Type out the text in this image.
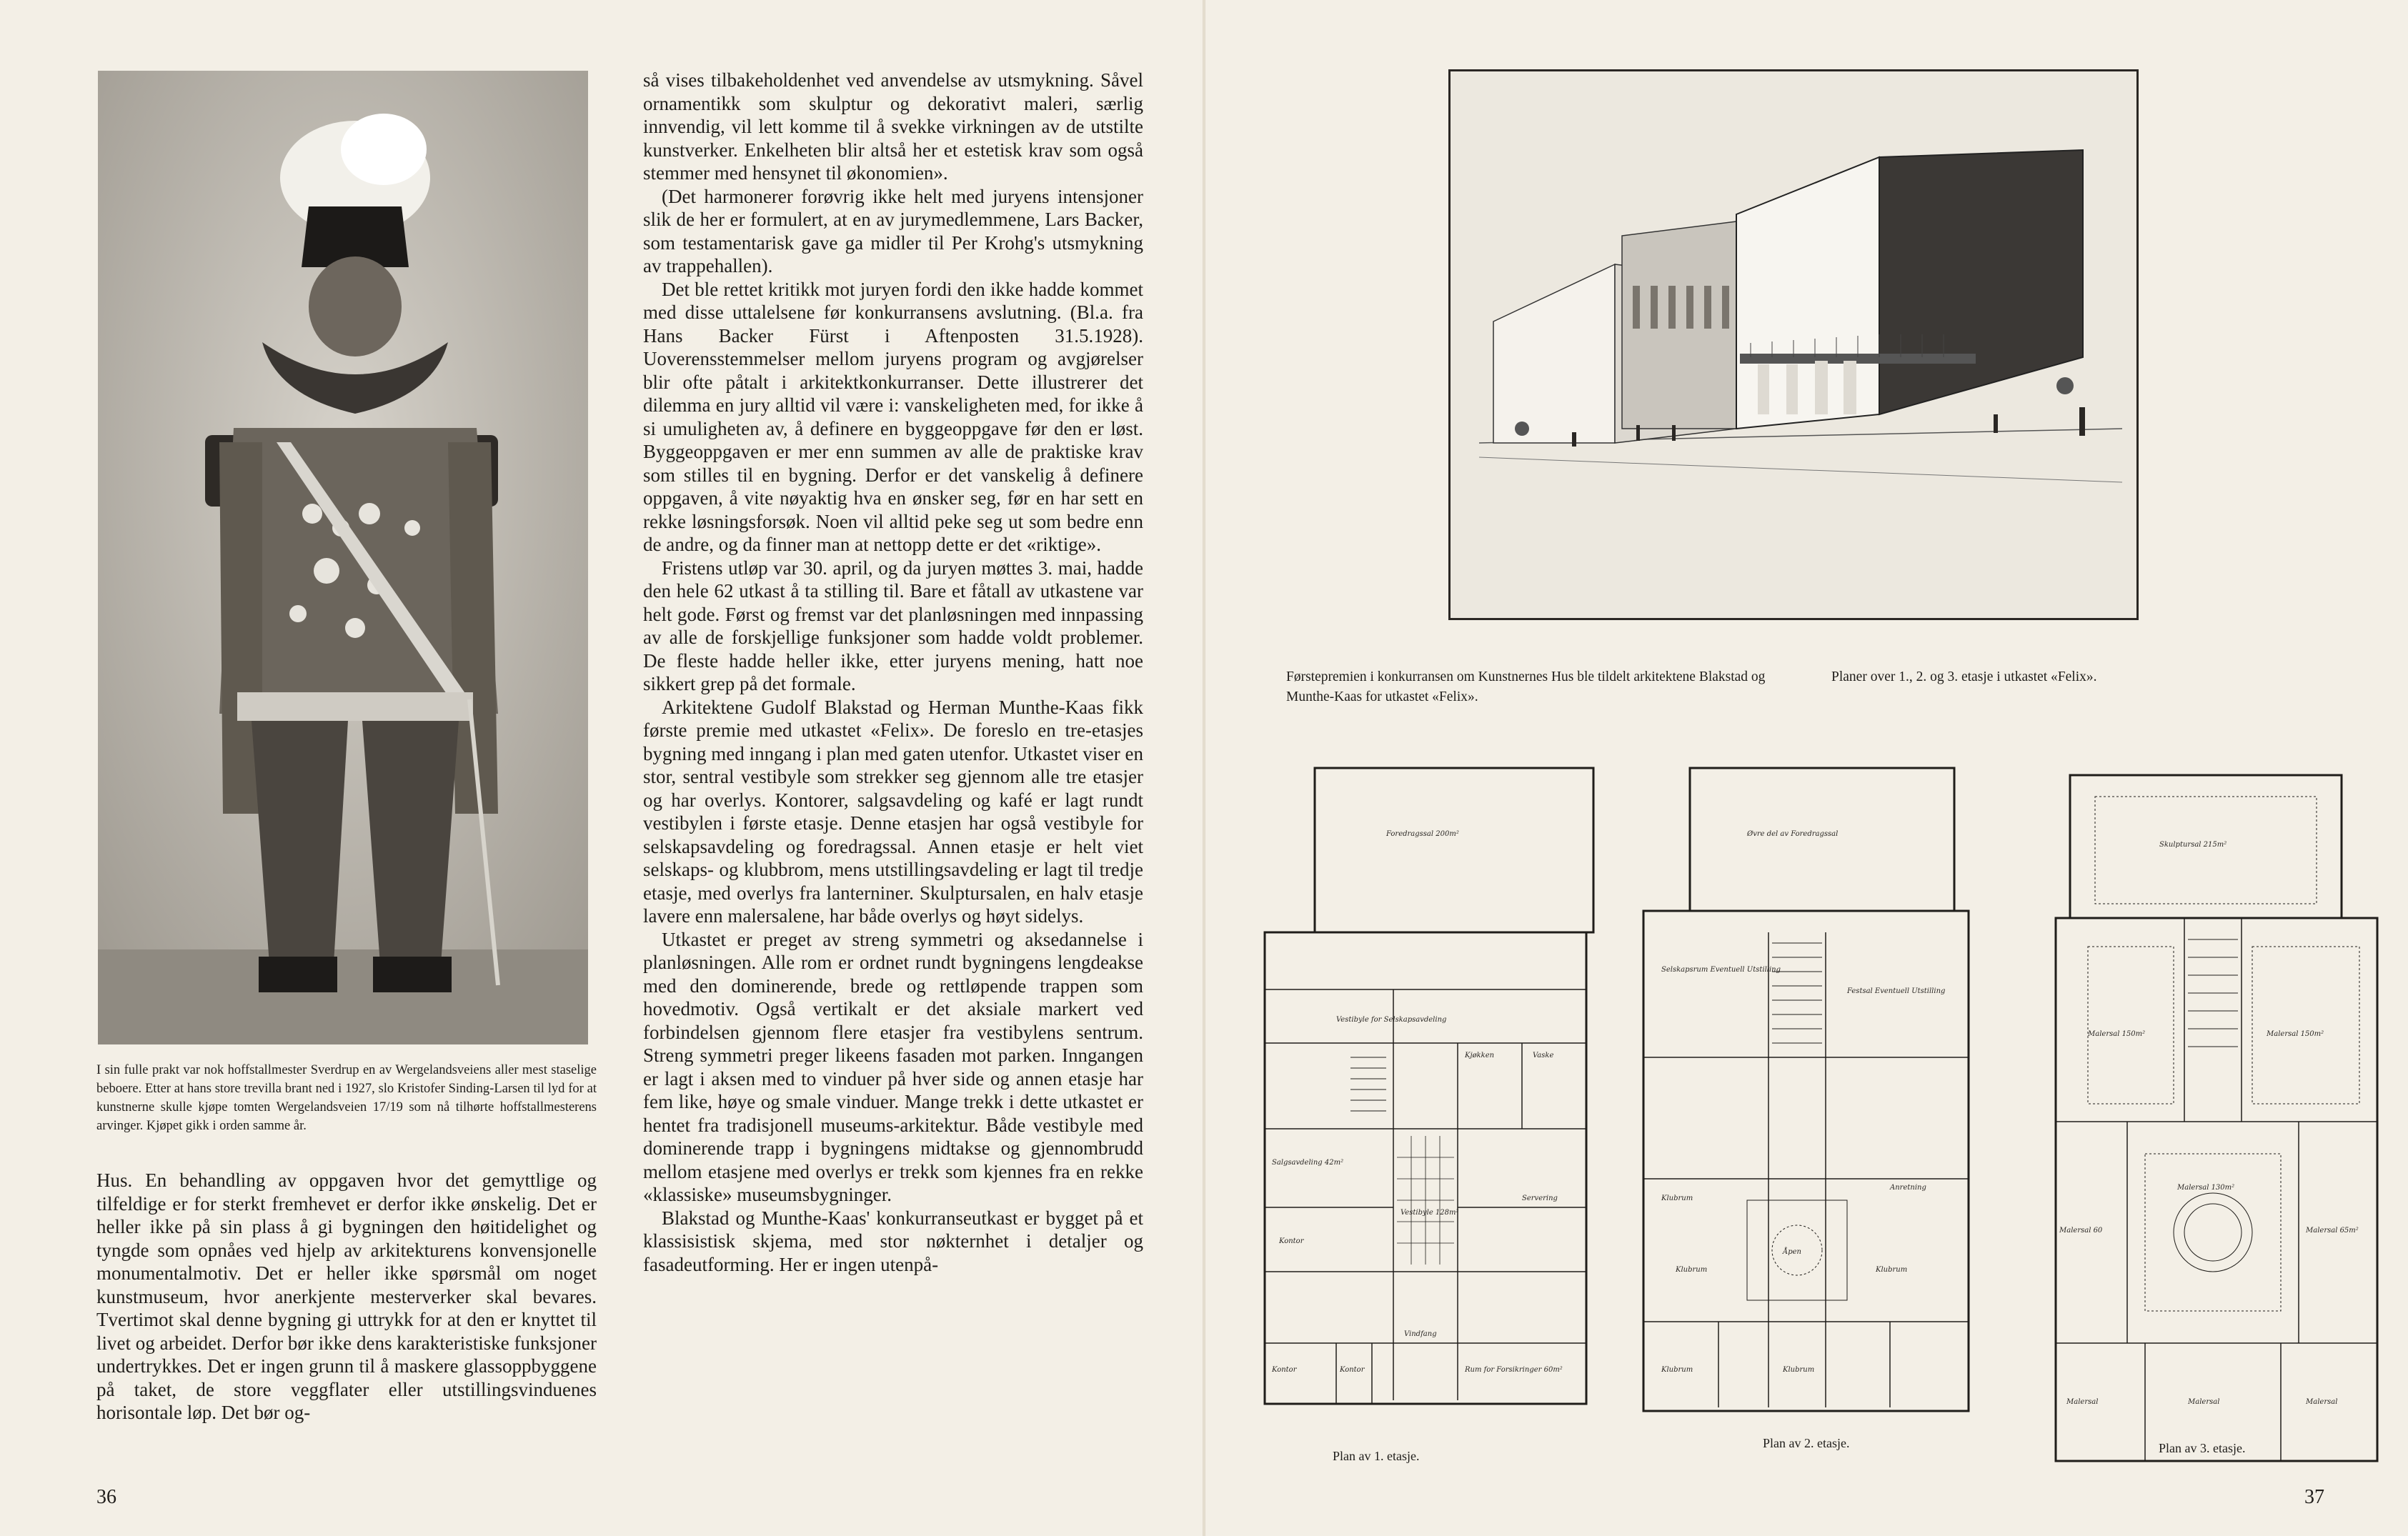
I sin fulle prakt var nok hoffstallmester Sverdrup en av Wergelandsveiens aller mest staselige beboere. Etter at hans store trevilla brant ned i 1927, slo Kristofer Sinding-Larsen til lyd for at kunstnerne skulle kjøpe tomten Wergelandsveien 17/19 som nå tilhørte hoffstallmesterens arvinger. Kjøpet gikk i orden samme år.

Hus. En behandling av oppgaven hvor det gemyttlige og tilfeldige er for sterkt fremhevet er derfor ikke ønskelig. Det er heller ikke på sin plass å gi bygningen den høitidelighet og tyngde som opnåes ved hjelp av arkitekturens konvensjonelle monumentalmotiv. Det er heller ikke spørsmål om noget kunstmuseum, hvor anerkjente mesterverker skal bevares. Tvertimot skal denne bygning gi uttrykk for at den er knyttet til livet og arbeidet. Derfor bør ikke dens karakteristiske funksjoner undertrykkes. Det er ingen grunn til å maskere glassoppbyggene på taket, de store veggflater eller utstillingsvinduenes horisontale løp. Det bør og-

så vises tilbakeholdenhet ved anvendelse av utsmykning. Såvel ornamentikk som skulptur og dekorativt maleri, særlig innvendig, vil lett komme til å svekke virkningen av de utstilte kunstverker. Enkelheten blir altså her et estetisk krav som også stemmer med hensynet til økonomien».

(Det harmonerer forøvrig ikke helt med juryens intensjoner slik de her er formulert, at en av jurymedlemmene, Lars Backer, som testamentarisk gave ga midler til Per Krohg's utsmykning av trappehallen).

Det ble rettet kritikk mot juryen fordi den ikke hadde kommet med disse uttalelsene før konkurransens avslutning. (Bl.a. fra Hans Backer Fürst i Aftenposten 31.5.1928). Uoverensstemmelser mellom juryens program og avgjørelser blir ofte påtalt i arkitektkonkurranser. Dette illustrerer det dilemma en jury alltid vil være i: vanskeligheten med, for ikke å si umuligheten av, å definere en byggeoppgave før den er løst. Byggeoppgaven er mer enn summen av alle de praktiske krav som stilles til en bygning. Derfor er det vanskelig å definere oppgaven, å vite nøyaktig hva en ønsker seg, før en har sett en rekke løsningsforsøk. Noen vil alltid peke seg ut som bedre enn de andre, og da finner man at nettopp dette er det «riktige».

Fristens utløp var 30. april, og da juryen møttes 3. mai, hadde den hele 62 utkast å ta stilling til. Bare et fåtall av utkastene var helt gode. Først og fremst var det planløsningen med innpassing av alle de forskjellige funksjoner som hadde voldt problemer. De fleste hadde heller ikke, etter juryens mening, hatt noe sikkert grep på det formale.

Arkitektene Gudolf Blakstad og Herman Munthe-Kaas fikk første premie med utkastet «Felix». De foreslo en tre-etasjes bygning med inngang i plan med gaten utenfor. Utkastet viser en stor, sentral vestibyle som strekker seg gjennom alle tre etasjer og har overlys. Kontorer, salgsavdeling og kafé er lagt rundt vestibylen i første etasje. Denne etasjen har også vestibyle for selskapsavdeling og foredragssal. Annen etasje er helt viet selskaps- og klubbrom, mens utstillingsavdeling er lagt til tredje etasje, med overlys fra lanterniner. Skulptursalen, en halv etasje lavere enn malersalene, har både overlys og høyt sidelys.

Utkastet er preget av streng symmetri og aksedannelse i planløsningen. Alle rom er ordnet rundt bygningens lengdeakse med den dominerende, brede og rettløpende trappen som hovedmotiv. Også vertikalt er det aksiale markert ved forbindelsen gjennom flere etasjer fra vestibylens sentrum. Streng symmetri preger likeens fasaden mot parken. Inngangen er lagt i aksen med to vinduer på hver side og annen etasje har fem like, høye og smale vinduer. Mange trekk i dette utkastet er hentet fra tradisjonell museums-arkitektur. Både vestibyle med dominerende trapp i bygningens midtakse og gjennombrudd mellom etasjene med overlys er trekk som kjennes fra en rekke «klassiske» museumsbygninger.

Blakstad og Munthe-Kaas' konkurranseutkast er bygget på et klassisistisk skjema, med stor nøkternhet i detaljer og fasadeutforming. Her er ingen utenpå-

36

Førstepremien i konkurransen om Kunstnernes Hus ble tildelt arkitektene Blakstad og Munthe-Kaas for utkastet «Felix».

Planer over 1., 2. og 3. etasje i utkastet «Felix».
Foredragssal 200m²
Vestibyle for Selskapsavdeling
Kjøkken	Vaske
Salgsavdeling 42m²
Vestibyle 128m²
Servering
Kontor
Kontor	Kontor	Rum for Forsikringer 60m²
Vindfang
Øvre del av Foredragssal
Selskapsrum Eventuell Utstilling
Festsal Eventuell Utstilling
Klubrum
Klubrum	Klubrum
Klubrum	Klubrum
Anretning
Åpen
Skulptursal 215m²
Malersal 150m²	Malersal 150m²
Malersal 60	Malersal 65m²
Malersal 130m²
Malersal	Malersal	Malersal
Plan av 1. etasje.
Plan av 2. etasje.	Plan av 3. etasje.
37
